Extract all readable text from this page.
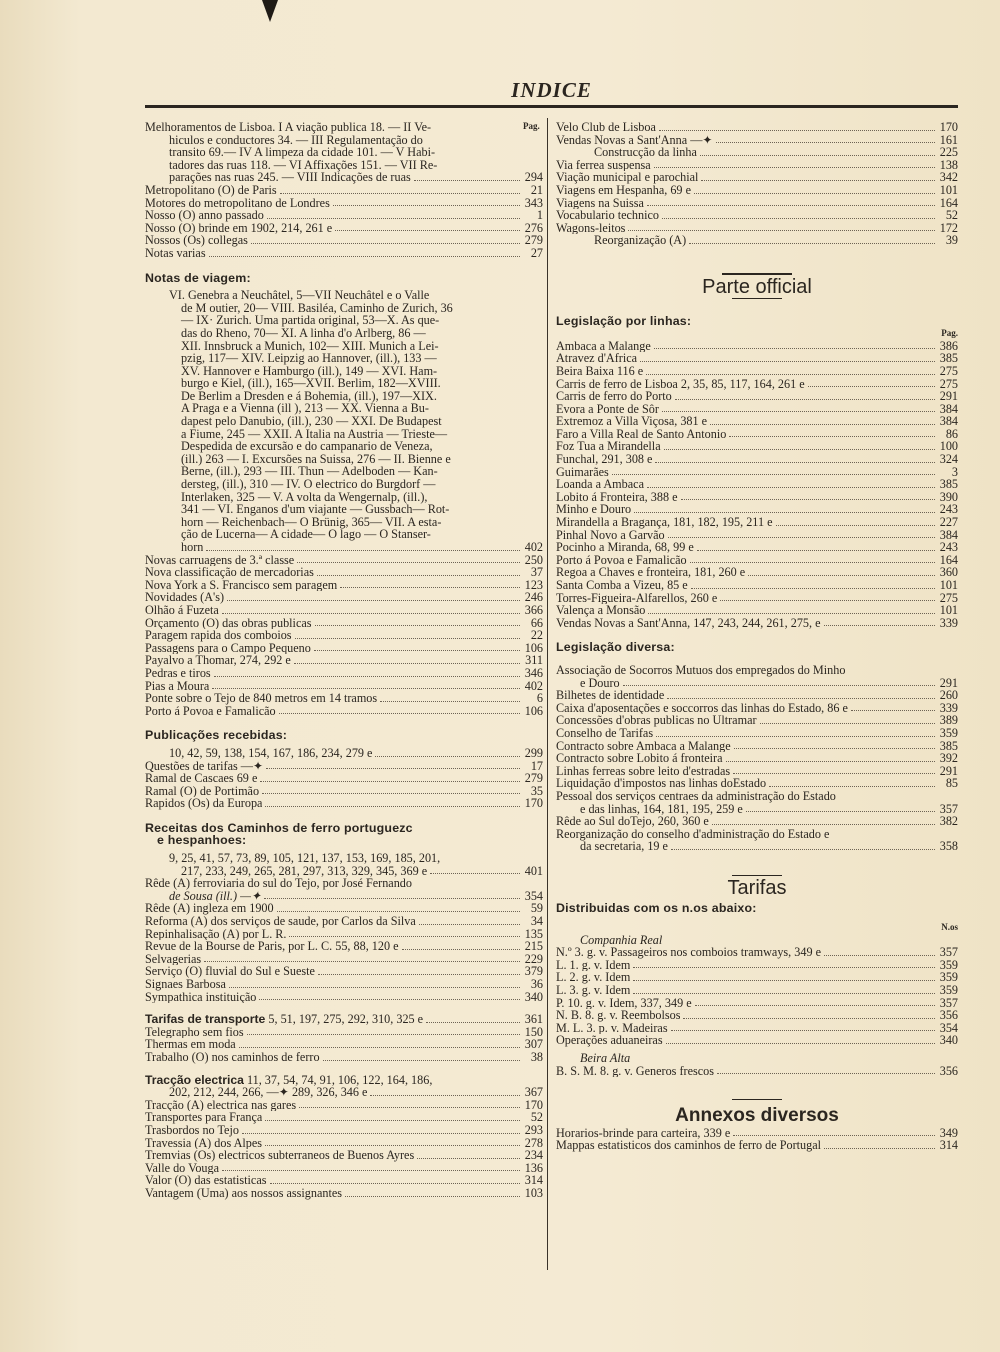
INDICE
Pag.
Melhoramentos de Lisboa. I A viação publica 18. — II Ve-
hiculos e conductores 34. — III Regulamentação do
transito 69.— IV A limpeza da cidade 101. — V Habi-
tadores das ruas 118. — VI Affixações 151. — VII Re-
parações nas ruas 245. — VIII Indicações de ruas	294
Metropolitano (O) de Paris	21
Motores do metropolitano de Londres	343
Nosso (O) anno passado	1
Nosso (O) brinde em 1902, 214, 261 e	276
Nossos (Os) collegas	279
Notas varias	27
Notas de viagem:
VI. Genebra a Neuchâtel, 5—VII Neuchâtel e o Valle
de M outier, 20— VIII. Basiléa, Caminho de Zurich, 36
— IX· Zurich. Uma partida original, 53—X. As que-
das do Rheno, 70— XI. A linha d'o Arlberg, 86 —
XII. Innsbruck a Munich, 102— XIII. Munich a Lei-
pzig, 117— XIV. Leipzig ao Hannover, (ill.), 133 —
XV. Hannover e Hamburgo (ill.), 149 — XVI. Ham-
burgo e Kiel, (ill.), 165—XVII. Berlim, 182—XVIII.
De Berlim a Dresden e á Bohemia, (ill.), 197—XIX.
A Praga e a Vienna (ill ), 213 — XX. Vienna a Bu-
dapest pelo Danubio, (ill.), 230 — XXI. De Budapest
a Fiume, 245 — XXII. A Italia na Austria — Trieste—
Despedida de excursão e do campanario de Veneza,
(ill.) 263 — I. Excursões na Suissa, 276 — II. Bienne e
Berne, (ill.), 293 — III. Thun — Adelboden — Kan-
dersteg, (ill.), 310 — IV. O electrico do Burgdorf —
Interlaken, 325 — V. A volta da Wengernalp, (ill.),
341 — VI. Enganos d'um viajante — Gussbach— Rot-
horn — Reichenbach— O Brünig, 365— VII. A esta-
ção de Lucerna— A cidade— O lago — O Stanser-
horn	402
Novas carruagens de 3.ª classe	250
Nova classificação de mercadorias	37
Nova York a S. Francisco sem paragem	123
Novidades (A's)	246
Olhão á Fuzeta	366
Orçamento (O) das obras publicas	66
Paragem rapida dos comboios	22
Passagens para o Campo Pequeno	106
Payalvo a Thomar, 274, 292 e	311
Pedras e tiros	346
Pias a Moura	402
Ponte sobre o Tejo de 840 metros em 14 tramos	6
Porto á Povoa e Famalicão	106
Publicações recebidas:
10, 42, 59, 138, 154, 167, 186, 234, 279 e	299
Questões de tarifas —✦	17
Ramal de Cascaes 69 e	279
Ramal (O) de Portimão	35
Rapidos (Os) da Europa	170
Receitas dos Caminhos de ferro portuguezc
e hespanhoes:
9, 25, 41, 57, 73, 89, 105, 121, 137, 153, 169, 185, 201,
217, 233, 249, 265, 281, 297, 313, 329, 345, 369 e	401
Rêde (A) ferroviaria do sul do Tejo, por José Fernando
de Sousa (ill.) —✦	354
Rêde (A) ingleza em 1900	59
Reforma (A) dos serviços de saude, por Carlos da Silva	34
Repinhalisação (A) por L. R.	135
Revue de la Bourse de Paris, por L. C. 55, 88, 120 e	215
Selvagerias	229
Serviço (O) fluvial do Sul e Sueste	379
Signaes Barbosa	36
Sympathica instituição	340
Tarifas de transporte 5, 51, 197, 275, 292, 310, 325 e	361
Telegrapho sem fios	150
Thermas em moda	307
Trabalho (O) nos caminhos de ferro	38
Tracção electrica 11, 37, 54, 74, 91, 106, 122, 164, 186,
202, 212, 244, 266, —✦ 289, 326, 346 e	367
Tracção (A) electrica nas gares	170
Transportes para França	52
Trasbordos no Tejo	293
Travessia (A) dos Alpes	278
Tremvias (Os) electricos subterraneos de Buenos Ayres	234
Valle do Vouga	136
Valor (O) das estatisticas	314
Vantagem (Uma) aos nossos assignantes	103
Velo Club de Lisboa	170
Vendas Novas a Sant'Anna —✦	161
Construcção da linha	225
Via ferrea suspensa	138
Viação municipal e parochial	342
Viagens em Hespanha, 69 e	101
Viagens na Suissa	164
Vocabulario technico	52
Wagons-leitos	172
Reorganização (A)	39
Parte official
Legislação por linhas:
Pag.
Ambaca a Malange	386
Atravez d'Africa	385
Beira Baixa 116 e	275
Carris de ferro de Lisboa 2, 35, 85, 117, 164, 261 e	275
Carris de ferro do Porto	291
Evora a Ponte de Sôr	384
Extremoz a Villa Viçosa, 381 e	384
Faro a Villa Real de Santo Antonio	86
Foz Tua a Mirandella	100
Funchal, 291, 308 e	324
Guimarães	3
Loanda a Ambaca	385
Lobito á Fronteira, 388 e	390
Minho e Douro	243
Mirandella a Bragança, 181, 182, 195, 211 e	227
Pinhal Novo a Garvão	384
Pocinho a Miranda, 68, 99 e	243
Porto á Povoa e Famalicão	164
Regoa a Chaves e fronteira, 181, 260 e	360
Santa Comba a Vizeu, 85 e	101
Torres-Figueira-Alfarellos, 260 e	275
Valença a Monsão	101
Vendas Novas a Sant'Anna, 147, 243, 244, 261, 275, e	339
Legislação diversa:
Associação de Socorros Mutuos dos empregados do Minho
e Douro	291
Bilhetes de identidade	260
Caixa d'aposentações e soccorros das linhas do Estado, 86 e	339
Concessões d'obras publicas no Ultramar	389
Conselho de Tarifas	359
Contracto sobre Ambaca a Malange	385
Contracto sobre Lobito á fronteira	392
Linhas ferreas sobre leito d'estradas	291
Liquidação d'impostos nas linhas doEstado	85
Pessoal dos serviços centraes da administração do Estado
e das linhas, 164, 181, 195, 259 e	357
Rêde ao Sul doTejo, 260, 360 e	382
Reorganização do conselho d'administração do Estado e
da secretaria, 19 e	358
Tarifas
Distribuidas com os n.os abaixo:
N.os
Companhia Real
N.º 3. g. v. Passageiros nos comboios tramways, 349 e	357
L. 1. g. v. Idem	359
L. 2. g. v. Idem	359
L. 3. g. v. Idem	359
P. 10. g. v. Idem, 337, 349 e	357
N. B. 8. g. v. Reembolsos	356
M. L. 3. p. v. Madeiras	354
Operações aduaneiras	340
Beira Alta
B. S. M. 8. g. v. Generos frescos	356
Annexos diversos
Horarios-brinde para carteira, 339 e	349
Mappas estatisticos dos caminhos de ferro de Portugal	314
